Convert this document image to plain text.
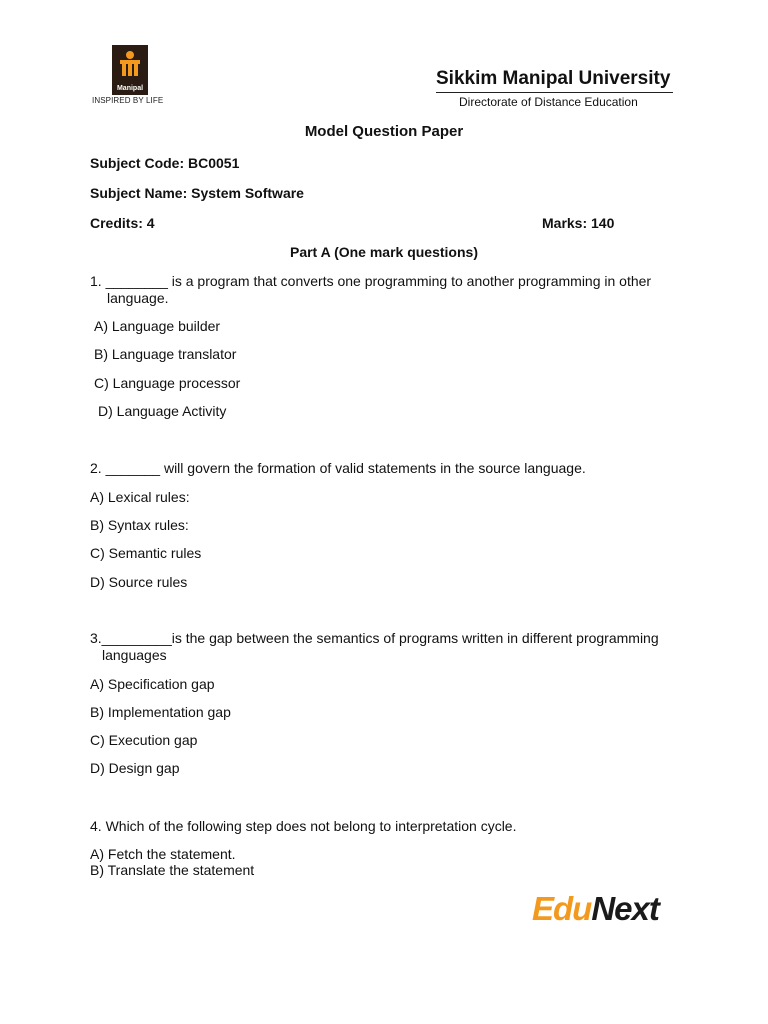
Manipal
INSPIRED BY LIFE
Sikkim Manipal University
Directorate of Distance Education
Model Question Paper
Subject Code: BC0051
Subject Name: System Software
Credits: 4	Marks: 140
Part A (One mark questions)
1. ________ is a program that converts one programming to another programming in other
language.
A) Language builder
B) Language translator
C) Language processor
D) Language Activity
2. _______ will govern the formation of valid statements in the source language.
A) Lexical rules:
B) Syntax rules:
C) Semantic rules
D) Source rules
3._________is the gap between the semantics of programs written in different programming
languages
A) Specification gap
B) Implementation gap
C) Execution gap
D) Design gap
4. Which of the following step does not belong to interpretation cycle.
A) Fetch the statement.
B) Translate the statement
EduNext
